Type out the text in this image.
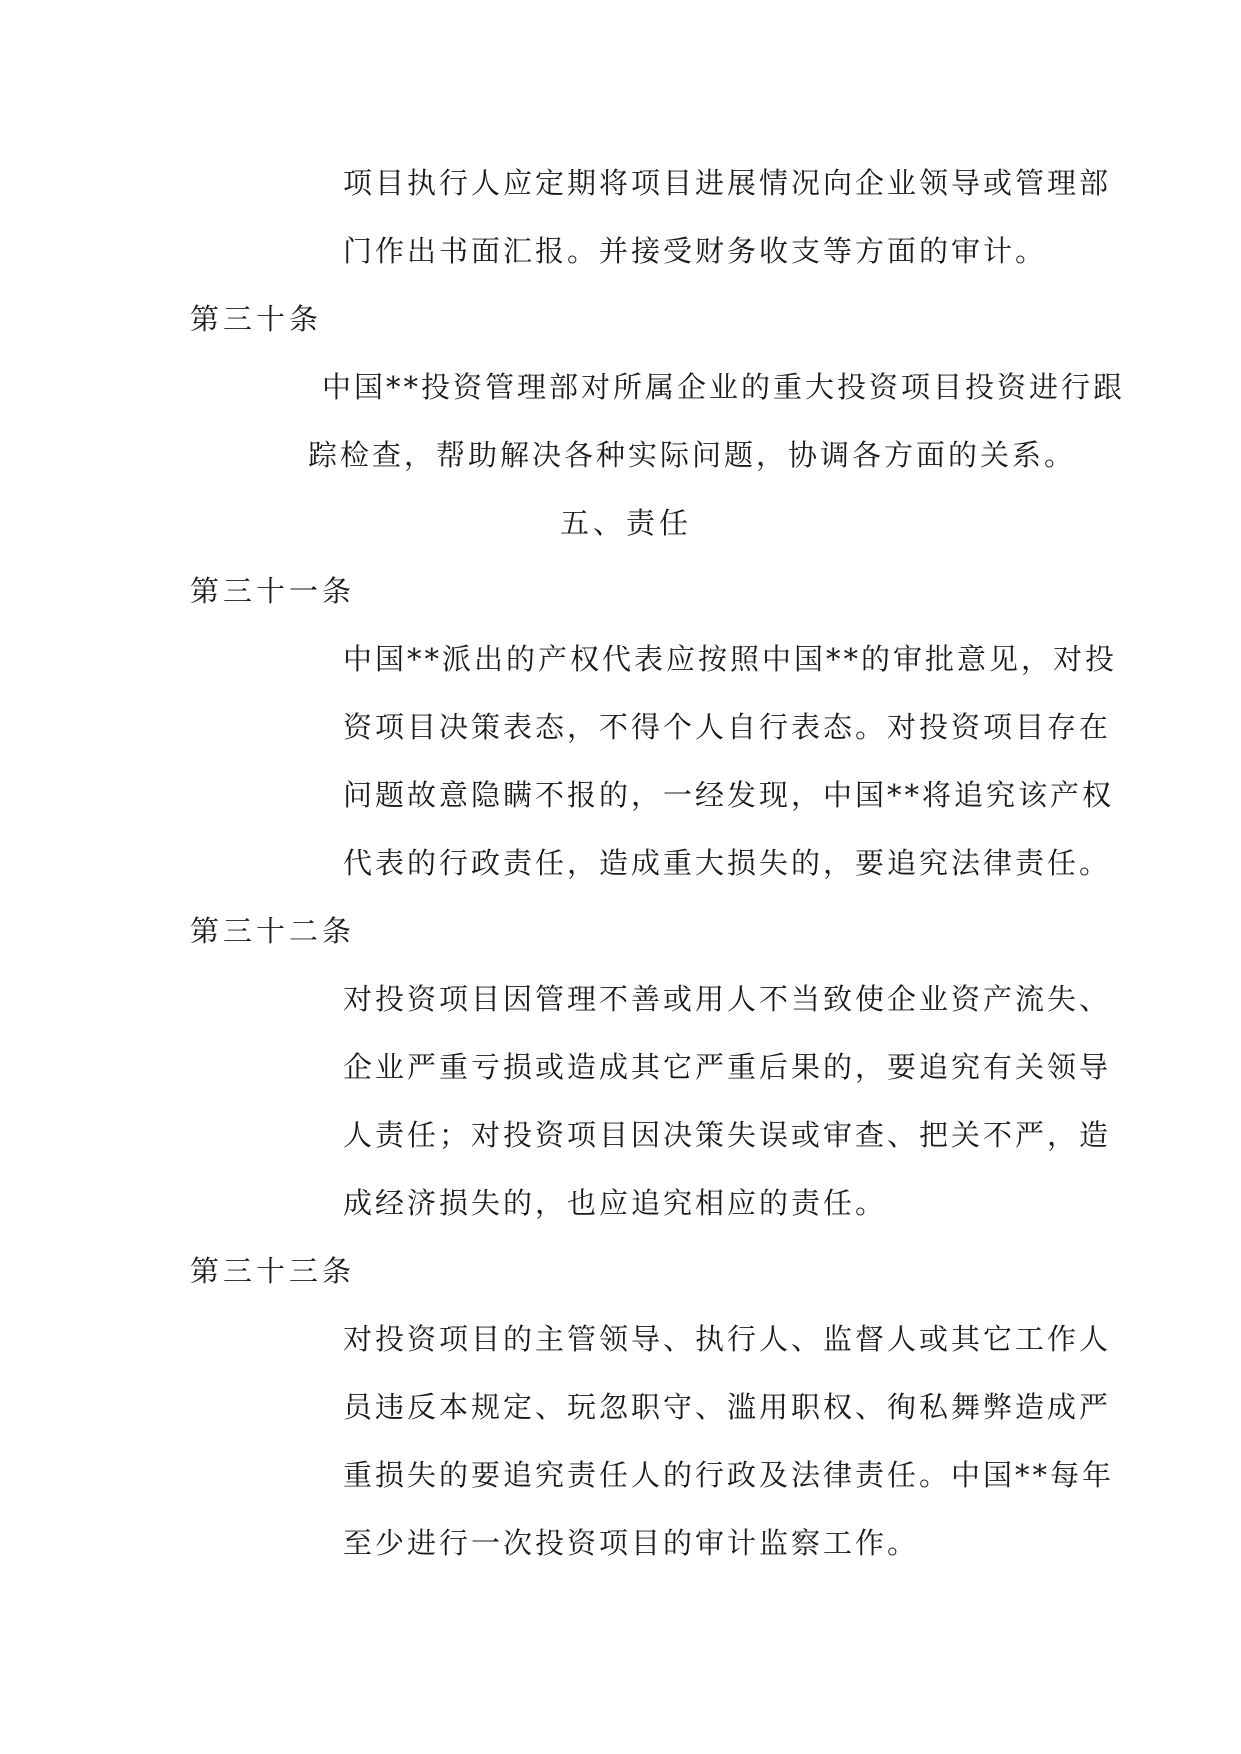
项目执行人应定期将项目进展情况向企业领导或管理部
门作出书面汇报。并接受财务收支等方面的审计。
第三十条
中国**投资管理部对所属企业的重大投资项目投资进行跟
踪检查，帮助解决各种实际问题，协调各方面的关系。
五、责任
第三十一条
中国**派出的产权代表应按照中国**的审批意见，对投
资项目决策表态，不得个人自行表态。对投资项目存在
问题故意隐瞒不报的，一经发现，中国**将追究该产权
代表的行政责任，造成重大损失的，要追究法律责任。
第三十二条
对投资项目因管理不善或用人不当致使企业资产流失、
企业严重亏损或造成其它严重后果的，要追究有关领导
人责任；对投资项目因决策失误或审查、把关不严，造
成经济损失的，也应追究相应的责任。
第三十三条
对投资项目的主管领导、执行人、监督人或其它工作人
员违反本规定、玩忽职守、滥用职权、徇私舞弊造成严
重损失的要追究责任人的行政及法律责任。中国**每年
至少进行一次投资项目的审计监察工作。
